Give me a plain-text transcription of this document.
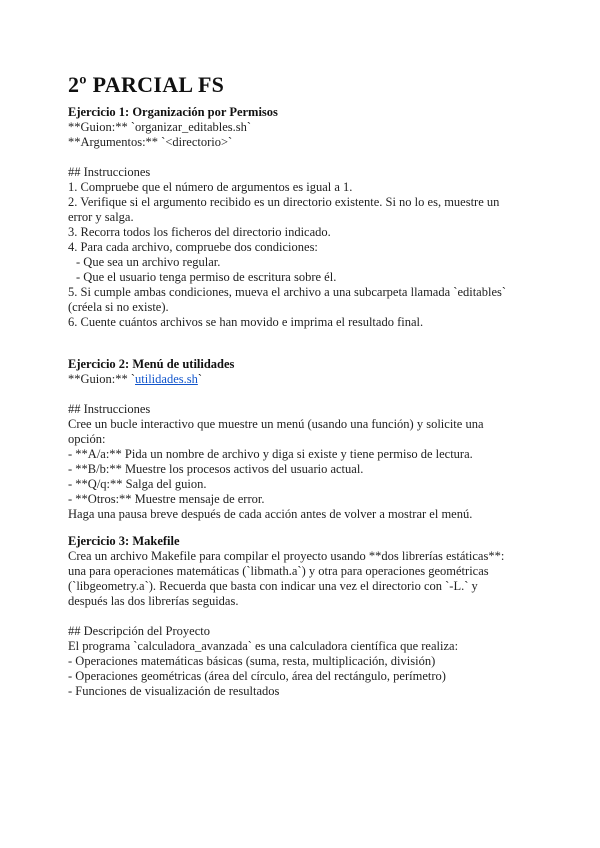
2º PARCIAL FS
Ejercicio 1: Organización por Permisos
**Guion:** `organizar_editables.sh`
**Argumentos:** `<directorio>`
## Instrucciones
1. Compruebe que el número de argumentos es igual a 1.
2. Verifique si el argumento recibido es un directorio existente. Si no lo es, muestre un
error y salga.
3. Recorra todos los ficheros del directorio indicado.
4. Para cada archivo, compruebe dos condiciones:
- Que sea un archivo regular.
- Que el usuario tenga permiso de escritura sobre él.
5. Si cumple ambas condiciones, mueva el archivo a una subcarpeta llamada `editables`
(créela si no existe).
6. Cuente cuántos archivos se han movido e imprima el resultado final.
Ejercicio 2: Menú de utilidades
**Guion:** `utilidades.sh`
## Instrucciones
Cree un bucle interactivo que muestre un menú (usando una función) y solicite una
opción:
- **A/a:** Pida un nombre de archivo y diga si existe y tiene permiso de lectura.
- **B/b:** Muestre los procesos activos del usuario actual.
- **Q/q:** Salga del guion.
- **Otros:** Muestre mensaje de error.
Haga una pausa breve después de cada acción antes de volver a mostrar el menú.
Ejercicio 3: Makefile
Crea un archivo Makefile para compilar el proyecto usando **dos librerías estáticas**:
una para operaciones matemáticas (`libmath.a`) y otra para operaciones geométricas
(`libgeometry.a`). Recuerda que basta con indicar una vez el directorio con `-L.` y
después las dos librerías seguidas.
## Descripción del Proyecto
El programa `calculadora_avanzada` es una calculadora científica que realiza:
- Operaciones matemáticas básicas (suma, resta, multiplicación, división)
- Operaciones geométricas (área del círculo, área del rectángulo, perímetro)
- Funciones de visualización de resultados
